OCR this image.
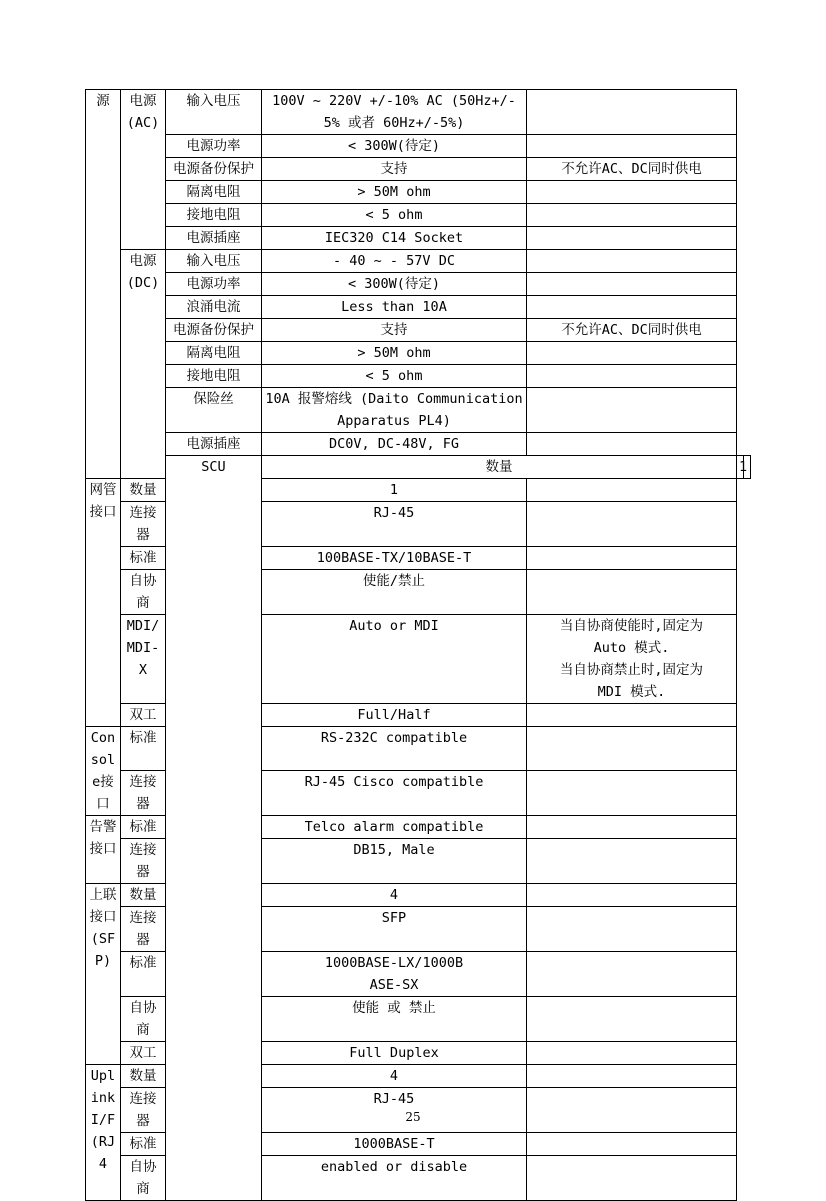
源	电源(AC)	输入电压	100V ~ 220V +/-10% AC (50Hz+/-5% 或者 60Hz+/-5%)			
		电源功率	< 300W(待定)			
		电源备份保护	支持	不允许AC、DC同时供电		
		隔离电阻	> 50M ohm			
		接地电阻	< 5 ohm			
		电源插座	IEC320 C14 Socket			
	电源(DC)	输入电压	- 40 ~ - 57V DC			
		电源功率	< 300W(待定)			
		浪涌电流	Less than 10A			
		电源备份保护	支持	不允许AC、DC同时供电		
		隔离电阻	> 50M ohm			
		接地电阻	< 5 ohm			
		保险丝	10A 报警熔线 (Daito Communication Apparatus PL4)			
		电源插座	DC0V, DC-48V, FG			
		SCU	数量		1	
网管接口	数量		1			
	连接器		RJ-45			
	标准		100BASE-TX/10BASE-T			
	自协商		使能/禁止			
	MDI/MDI-X		Auto or MDI	当自协商使能时,固定为
Auto 模式.
当自协商禁止时,固定为
MDI 模式.		

	双工		Full/Half			
Console接口	标准		RS-232C compatible			
	连接器		RJ-45 Cisco compatible			
告警接口	标准		Telco alarm compatible			
	连接器		DB15, Male			
上联接口(SFP)	数量		4			
	连接器		SFP			
	标准		1000BASE-LX/1000BASE-SX			
	自协商		使能 或 禁止			
	双工		Full Duplex			
Uplink I/F (RJ4	数量		4			
	连接器		RJ-45			
	标准		1000BASE-T			
	自协商		enabled or disable			
25
